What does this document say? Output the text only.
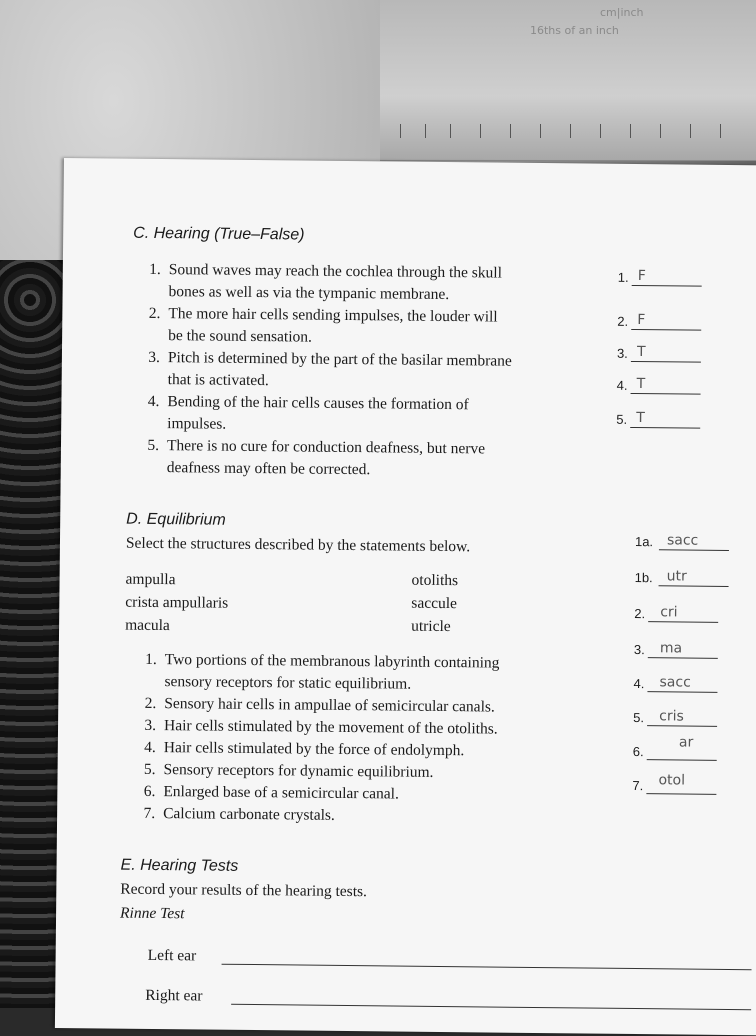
cm|inch
16ths of an inch
C. Hearing (True–False)
1. Sound waves may reach the cochlea through the skull
bones as well as via the tympanic membrane.
2. The more hair cells sending impulses, the louder will
be the sound sensation.
3. Pitch is determined by the part of the basilar membrane
that is activated.
4. Bending of the hair cells causes the formation of
impulses.
5. There is no cure for conduction deafness, but nerve
deafness may often be corrected.
1. F
2. F
3. T
4. T
5. T
D. Equilibrium
Select the structures described by the statements below.
ampulla
crista ampullaris
macula
otoliths
saccule
utricle
1. Two portions of the membranous labyrinth containing
sensory receptors for static equilibrium.
2. Sensory hair cells in ampullae of semicircular canals.
3. Hair cells stimulated by the movement of the otoliths.
4. Hair cells stimulated by the force of endolymph.
5. Sensory receptors for dynamic equilibrium.
6. Enlarged base of a semicircular canal.
7. Calcium carbonate crystals.
1a. sacc
1b. utr
2. cri
3. ma
4. sacc
5. cris
6.
ar
7. otol
E. Hearing Tests
Record your results of the hearing tests.
Rinne Test
Left ear
Right ear
